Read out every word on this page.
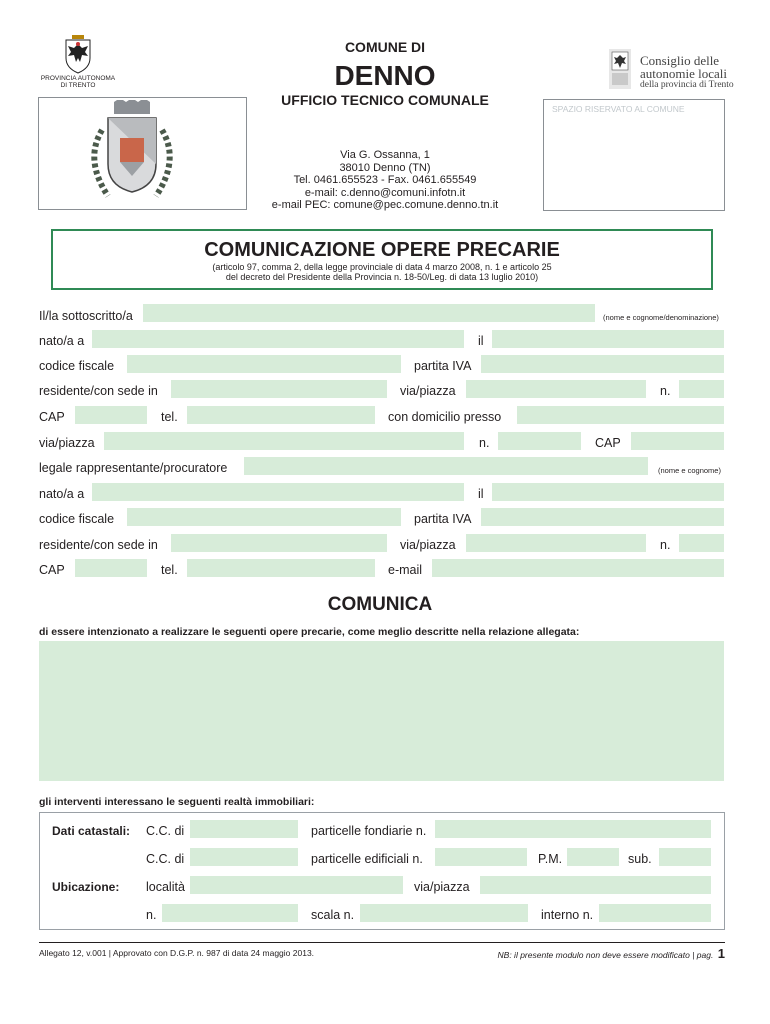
PROVINCIA AUTONOMA
DI TRENTO
COMUNE DI
DENNO
UFFICIO TECNICO COMUNALE
Via G. Ossanna, 1
38010 Denno (TN)
Tel. 0461.655523 - Fax. 0461.655549
e-mail: c.denno@comuni.infotn.it
e-mail PEC: comune@pec.comune.denno.tn.it
Consiglio delle
autonomie locali
della provincia di Trento
SPAZIO RISERVATO AL COMUNE
COMUNICAZIONE OPERE PRECARIE
(articolo 97, comma 2, della legge provinciale di data 4 marzo 2008, n. 1 e articolo 25
del decreto del Presidente della Provincia n. 18-50/Leg. di data 13 luglio 2010)
Il/la sottoscritto/a	(nome e cognome/denominazione)
nato/a a	il
codice fiscale	partita IVA
residente/con sede in	via/piazza	n.
CAP	tel.	con domicilio presso
via/piazza	n.	CAP
legale rappresentante/procuratore	(nome e cognome)
nato/a a	il
codice fiscale	partita IVA
residente/con sede in	via/piazza	n.
CAP	tel.	e-mail
COMUNICA
di essere intenzionato a realizzare le seguenti opere precarie, come meglio descritte nella relazione allegata:
gli interventi interessano le seguenti realtà immobiliari:
Dati catastali: C.C. di	particelle fondiarie n.
C.C. di	particelle edificiali n.	P.M.	sub.
Ubicazione: località	via/piazza
n.	scala n.	interno n.
Allegato 12, v.001 | Approvato con D.G.P. n. 987 di data 24 maggio 2013.	NB: il presente modulo non deve essere modificato | pag. 1
